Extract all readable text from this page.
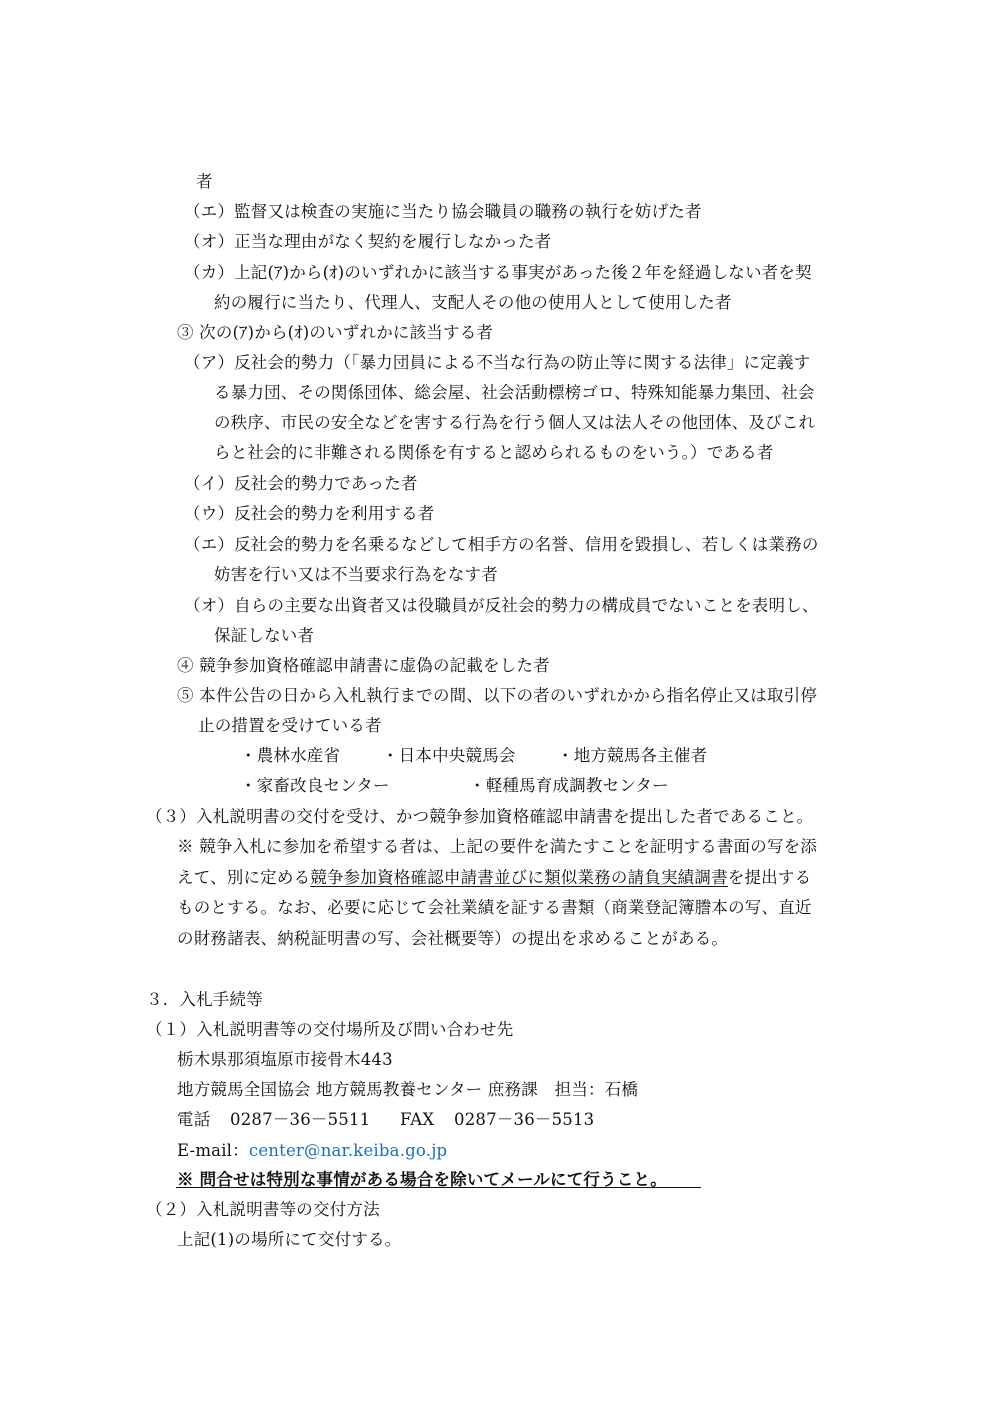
者
（エ）監督又は検査の実施に当たり協会職員の職務の執行を妨げた者
（オ）正当な理由がなく契約を履行しなかった者
（カ）上記(ｱ)から(ｵ)のいずれかに該当する事実があった後２年を経過しない者を契
約の履行に当たり、代理人、支配人その他の使用人として使用した者
③ 次の(ｱ)から(ｵ)のいずれかに該当する者
（ア）反社会的勢力（「暴力団員による不当な行為の防止等に関する法律」に定義す
る暴力団、その関係団体、総会屋、社会活動標榜ゴロ、特殊知能暴力集団、社会
の秩序、市民の安全などを害する行為を行う個人又は法人その他団体、及びこれ
らと社会的に非難される関係を有すると認められるものをいう。）である者
（イ）反社会的勢力であった者
（ウ）反社会的勢力を利用する者
（エ）反社会的勢力を名乗るなどして相手方の名誉、信用を毀損し、若しくは業務の
妨害を行い又は不当要求行為をなす者
（オ）自らの主要な出資者又は役職員が反社会的勢力の構成員でないことを表明し、
保証しない者
④ 競争参加資格確認申請書に虚偽の記載をした者
⑤ 本件公告の日から入札執行までの間、以下の者のいずれかから指名停止又は取引停
止の措置を受けている者
・農林水産省	・日本中央競馬会	・地方競馬各主催者
・家畜改良センター	・軽種馬育成調教センター
（３）入札説明書の交付を受け、かつ競争参加資格確認申請書を提出した者であること。
※ 競争入札に参加を希望する者は、上記の要件を満たすことを証明する書面の写を添
えて、別に定める競争参加資格確認申請書並びに類似業務の請負実績調書を提出する
ものとする。なお、必要に応じて会社業績を証する書類（商業登記簿謄本の写、直近
の財務諸表、納税証明書の写、会社概要等）の提出を求めることがある。
３．入札手続等
（１）入札説明書等の交付場所及び問い合わせ先
栃木県那須塩原市接骨木443
地方競馬全国協会 地方競馬教養センター 庶務課　担当：石橋
電話 0287－36－5511 FAX 0287－36－5513
E-mail：center@nar.keiba.go.jp
※ 問合せは特別な事情がある場合を除いてメールにて行うこと。
（２）入札説明書等の交付方法
上記(1)の場所にて交付する。
